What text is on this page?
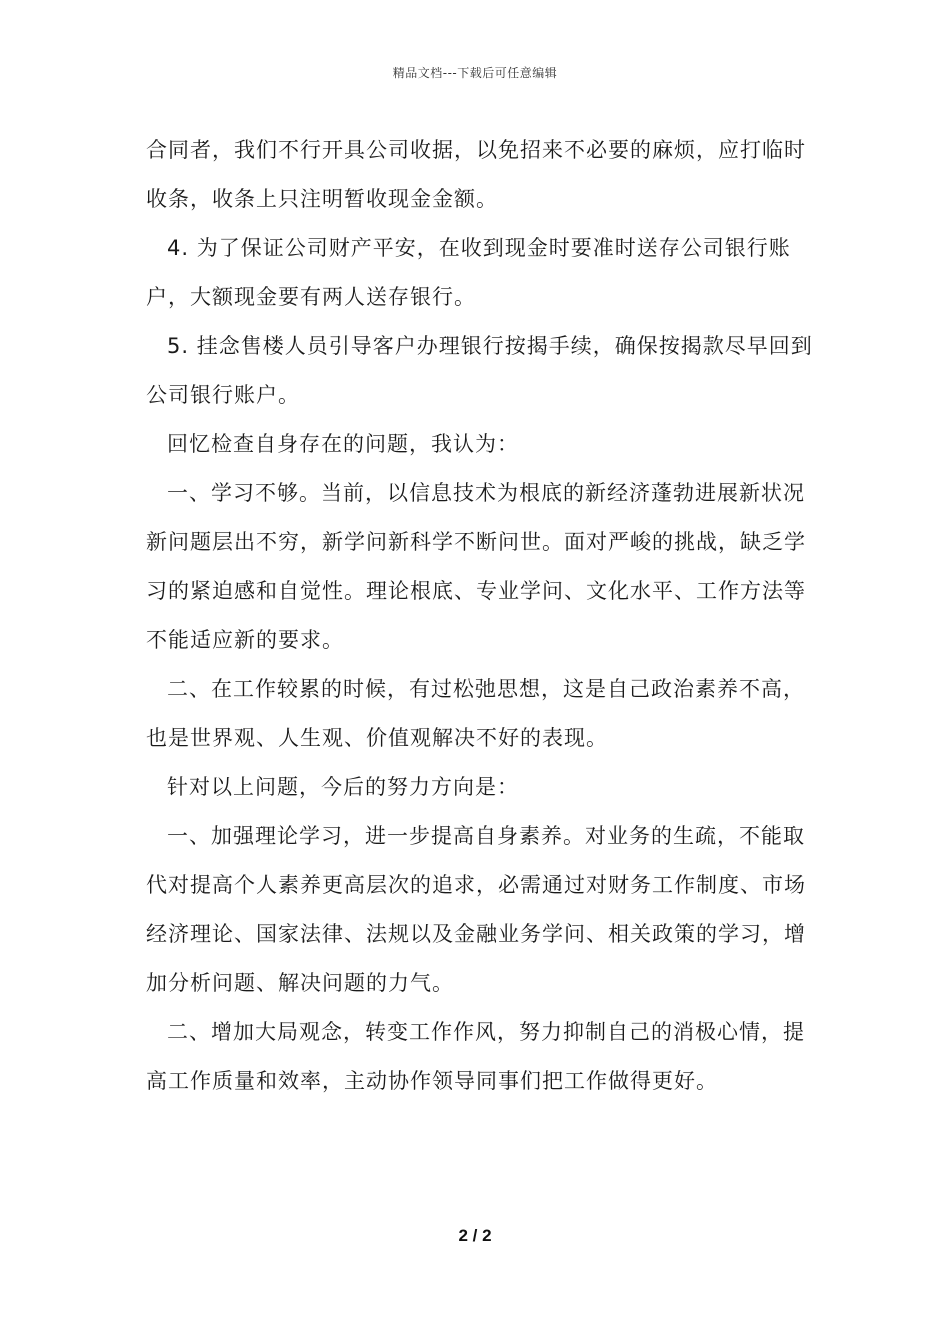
精品文档---下载后可任意编辑

合同者，我们不行开具公司收据，以免招来不必要的麻烦，应打临时收条，收条上只注明暂收现金金额。

4. 为了保证公司财产平安，在收到现金时要准时送存公司银行账户，大额现金要有两人送存银行。

5. 挂念售楼人员引导客户办理银行按揭手续，确保按揭款尽早回到公司银行账户。

回忆检查自身存在的问题，我认为：

一、学习不够。当前，以信息技术为根底的新经济蓬勃进展新状况新问题层出不穷，新学问新科学不断问世。面对严峻的挑战，缺乏学习的紧迫感和自觉性。理论根底、专业学问、文化水平、工作方法等不能适应新的要求。

二、在工作较累的时候，有过松弛思想，这是自己政治素养不高，也是世界观、人生观、价值观解决不好的表现。

针对以上问题，今后的努力方向是：

一、加强理论学习，进一步提高自身素养。对业务的生疏，不能取代对提高个人素养更高层次的追求，必需通过对财务工作制度、市场经济理论、国家法律、法规以及金融业务学问、相关政策的学习，增加分析问题、解决问题的力气。

二、增加大局观念，转变工作作风，努力抑制自己的消极心情，提高工作质量和效率，主动协作领导同事们把工作做得更好。

2 / 2
